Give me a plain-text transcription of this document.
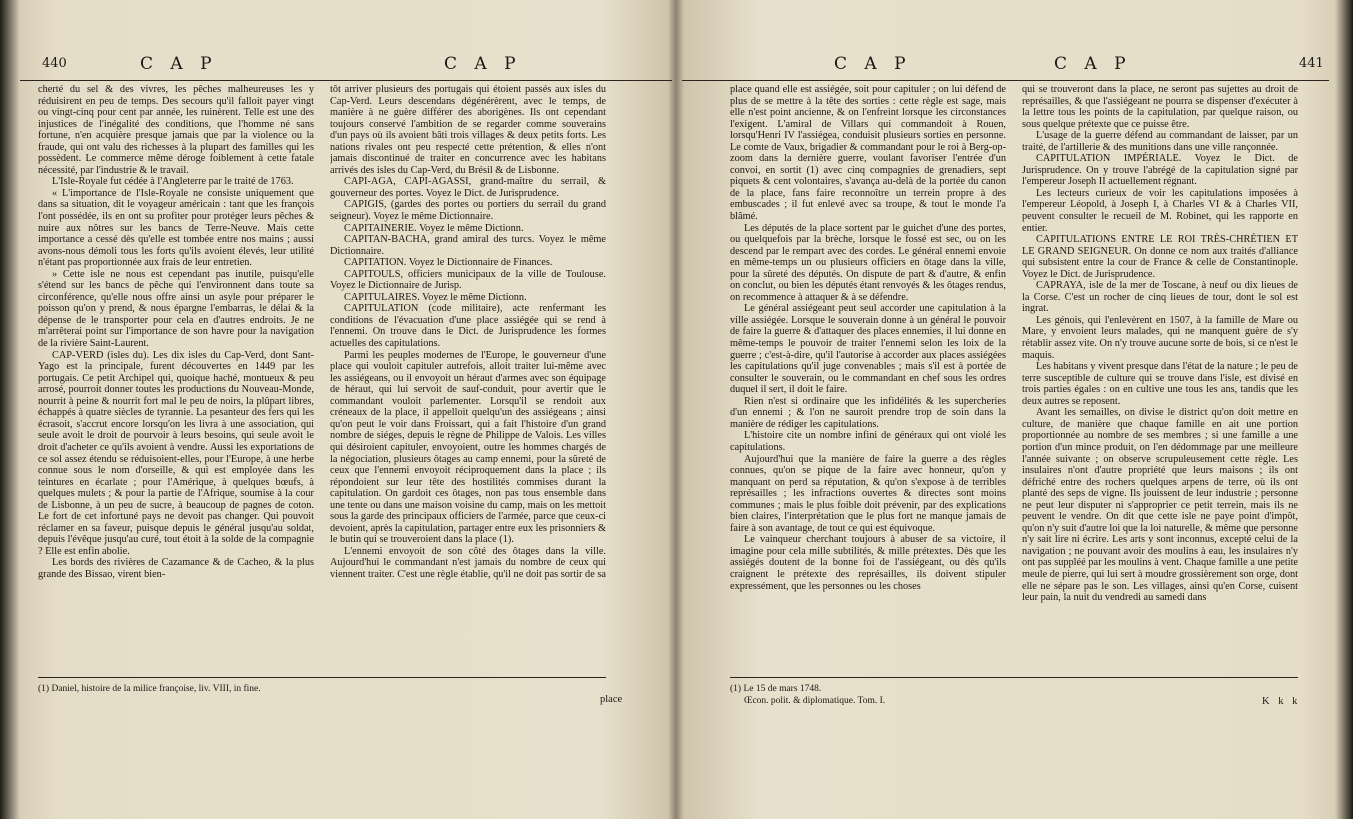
440	C A P	C A P

cherté du sel & des vivres, les pêches malheureuses les y réduisirent en peu de temps. Des secours qu'il falloit payer vingt ou vingt-cinq pour cent par année, les ruinèrent. Telle est une des injustices de l'inégalité des conditions, que l'homme né sans fortune, n'en acquière presque jamais que par la violence ou la fraude, qui ont valu des richesses à la plupart des familles qui les possèdent. Le commerce même déroge foiblement à cette fatale nécessité, par l'industrie & le travail.

L'Isle-Royale fut cédée à l'Angleterre par le traité de 1763.

« L'importance de l'Isle-Royale ne consiste uniquement que dans sa situation, dit le voyageur américain : tant que les françois l'ont possédée, ils en ont su profiter pour protéger leurs pêches & nuire aux nôtres sur les bancs de Terre-Neuve. Mais cette importance a cessé dès qu'elle est tombée entre nos mains ; aussi avons-nous démoli tous les forts qu'ils avoient élevés, leur utilité n'étant pas proportionnée aux frais de leur entretien.

» Cette isle ne nous est cependant pas inutile, puisqu'elle s'étend sur les bancs de pêche qui l'environnent dans toute sa circonférence, qu'elle nous offre ainsi un asyle pour préparer le poisson qu'on y prend, & nous épargne l'embarras, le délai & la dépense de le transporter pour cela en d'autres endroits. Je ne m'arrêterai point sur l'importance de son havre pour la navigation de la rivière Saint-Laurent.

CAP-VERD (isles du). Les dix isles du Cap-Verd, dont Sant-Yago est la principale, furent découvertes en 1449 par les portugais. Ce petit Archipel qui, quoique haché, montueux & peu arrosé, pourroit donner toutes les productions du Nouveau-Monde, nourrit à peine & nourrit fort mal le peu de noirs, la plûpart libres, échappés à quatre siècles de tyrannie. La pesanteur des fers qui les écrasoit, s'accrut encore lorsqu'on les livra à une association, qui seule avoit le droit de pourvoir à leurs besoins, qui seule avoit le droit d'acheter ce qu'ils avoient à vendre. Aussi les exportations de ce sol assez étendu se réduisoient-elles, pour l'Europe, à une herbe connue sous le nom d'orseille, & qui est employée dans les teintures en écarlate ; pour l'Amérique, à quelques bœufs, à quelques mulets ; & pour la partie de l'Afrique, soumise à la cour de Lisbonne, à un peu de sucre, à beaucoup de pagnes de coton. Le fort de cet infortuné pays ne devoit pas changer. Qui pouvoit réclamer en sa faveur, puisque depuis le général jusqu'au soldat, depuis l'évêque jusqu'au curé, tout étoit à la solde de la compagnie ? Elle est enfin abolie.

Les bords des rivières de Cazamance & de Cacheo, & la plus grande des Bissao, virent bien-

tôt arriver plusieurs des portugais qui étoient passés aux isles du Cap-Verd. Leurs descendans dégénérèrent, avec le temps, de manière à ne guère différer des aborigènes. Ils ont cependant toujours conservé l'ambition de se regarder comme souverains d'un pays où ils avoient bâti trois villages & deux petits forts. Les nations rivales ont peu respecté cette prétention, & elles n'ont jamais discontinué de traiter en concurrence avec les habitans arrivés des isles du Cap-Verd, du Brésil & de Lisbonne.

CAPI-AGA, CAPI-AGASSI, grand-maître du serrail, & gouverneur des portes. Voyez le Dict. de Jurisprudence.

CAPIGIS, (gardes des portes ou portiers du serrail du grand seigneur). Voyez le même Dictionnaire.

CAPITAINERIE. Voyez le même Dictionn.

CAPITAN-BACHA, grand amiral des turcs. Voyez le même Dictionnaire.

CAPITATION. Voyez le Dictionnaire de Finances.

CAPITOULS, officiers municipaux de la ville de Toulouse. Voyez le Dictionnaire de Jurisp.

CAPITULAIRES. Voyez le même Dictionn.

CAPITULATION (code militaire), acte renfermant les conditions de l'évacuation d'une place assiégée qui se rend à l'ennemi. On trouve dans le Dict. de Jurisprudence les formes actuelles des capitulations.

Parmi les peuples modernes de l'Europe, le gouverneur d'une place qui vouloit capituler autrefois, alloit traiter lui-même avec les assiégeans, ou il envoyoit un héraut d'armes avec son équipage de héraut, qui lui servoit de sauf-conduit, pour avertir que le commandant vouloit parlementer. Lorsqu'il se rendoit aux créneaux de la place, il appelloit quelqu'un des assiégeans ; ainsi qu'on peut le voir dans Froissart, qui a fait l'histoire d'un grand nombre de siéges, depuis le règne de Philippe de Valois. Les villes qui désiroient capituler, envoyoient, outre les hommes chargés de la négociation, plusieurs ôtages au camp ennemi, pour la sûreté de ceux que l'ennemi envoyoit réciproquement dans la place ; ils répondoient sur leur tête des hostilités commises durant la capitulation. On gardoit ces ôtages, non pas tous ensemble dans une tente ou dans une maison voisine du camp, mais on les mettoit sous la garde des principaux officiers de l'armée, parce que ceux-ci devoient, après la capitulation, partager entre eux les prisonniers & le butin qui se trouveroient dans la place (1).

L'ennemi envoyoit de son côté des ôtages dans la ville. Aujourd'hui le commandant n'est jamais du nombre de ceux qui viennent traiter. C'est une règle établie, qu'il ne doit pas sortir de sa

(1) Daniel, histoire de la milice françoise, liv. VIII, in fine.
place
C A P	C A P	441

place quand elle est assiégée, soit pour capituler ; on lui défend de plus de se mettre à la tête des sorties : cette règle est sage, mais elle n'est point ancienne, & on l'enfreint lorsque les circonstances l'exigent. L'amiral de Villars qui commandoit à Rouen, lorsqu'Henri IV l'assiégea, conduisit plusieurs sorties en personne. Le comte de Vaux, brigadier & commandant pour le roi à Berg-op-zoom dans la dernière guerre, voulant favoriser l'entrée d'un convoi, en sortit (1) avec cinq compagnies de grenadiers, sept piquets & cent volontaires, s'avança au-delà de la portée du canon de la place, fans faire reconnoître un terrein propre à des embuscades ; il fut enlevé avec sa troupe, & tout le monde l'a blâmé.

Les députés de la place sortent par le guichet d'une des portes, ou quelquefois par la brèche, lorsque le fossé est sec, ou on les descend par le rempart avec des cordes. Le général ennemi envoie en même-temps un ou plusieurs officiers en ôtage dans la ville, pour la sûreté des députés. On dispute de part & d'autre, & enfin on conclut, ou bien les députés étant renvoyés & les ôtages rendus, on recommence à attaquer & à se défendre.

Le général assiégeant peut seul accorder une capitulation à la ville assiégée. Lorsque le souverain donne à un général le pouvoir de faire la guerre & d'attaquer des places ennemies, il lui donne en même-temps le pouvoir de traiter l'ennemi selon les loix de la guerre ; c'est-à-dire, qu'il l'autorise à accorder aux places assiégées les capitulations qu'il juge convenables ; mais s'il est à portée de consulter le souverain, ou le commandant en chef sous les ordres duquel il sert, il doit le faire.

Rien n'est si ordinaire que les infidélités & les supercheries d'un ennemi ; & l'on ne sauroit prendre trop de soin dans la manière de rédiger les capitulations.

L'histoire cite un nombre infini de généraux qui ont violé les capitulations.

Aujourd'hui que la manière de faire la guerre a des règles connues, qu'on se pique de la faire avec honneur, qu'on y manquant on perd sa réputation, & qu'on s'expose à de terribles représailles ; les infractions ouvertes & directes sont moins communes ; mais le plus foible doit prévenir, par des explications bien claires, l'interprétation que le plus fort ne manque jamais de faire à son avantage, de tout ce qui est équivoque.

Le vainqueur cherchant toujours à abuser de sa victoire, il imagine pour cela mille subtilités, & mille prétextes. Dès que les assiégés doutent de la bonne foi de l'assiégeant, ou dès qu'ils craignent le prétexte des représailles, ils doivent stipuler expressément, que les personnes ou les choses

qui se trouveront dans la place, ne seront pas sujettes au droit de représailles, & que l'assiégeant ne pourra se dispenser d'exécuter à la lettre tous les points de la capitulation, par quelque raison, ou sous quelque prétexte que ce puisse être.

L'usage de la guerre défend au commandant de laisser, par un traité, de l'artillerie & des munitions dans une ville rançonnée.

CAPITULATION IMPÉRIALE. Voyez le Dict. de Jurisprudence. On y trouve l'abrégé de la capitulation signé par l'empereur Joseph II actuellement régnant.

Les lecteurs curieux de voir les capitulations imposées à l'empereur Léopold, à Joseph I, à Charles VI & à Charles VII, peuvent consulter le recueil de M. Robinet, qui les rapporte en entier.

CAPITULATIONS ENTRE LE ROI TRÈS-CHRÉTIEN ET LE GRAND SEIGNEUR. On donne ce nom aux traités d'alliance qui subsistent entre la cour de France & celle de Constantinople. Voyez le Dict. de Jurisprudence.

CAPRAYA, isle de la mer de Toscane, à neuf ou dix lieues de la Corse. C'est un rocher de cinq lieues de tour, dont le sol est ingrat.

Les génois, qui l'enlevèrent en 1507, à la famille de Mare ou Mare, y envoient leurs malades, qui ne manquent guère de s'y rétablir assez vite. On n'y trouve aucune sorte de bois, si ce n'est le maquis.

Les habitans y vivent presque dans l'état de la nature ; le peu de terre susceptible de culture qui se trouve dans l'isle, est divisé en trois parties égales : on en cultive une tous les ans, tandis que les deux autres se reposent.

Avant les semailles, on divise le district qu'on doit mettre en culture, de manière que chaque famille en ait une portion proportionnée au nombre de ses membres ; si une famille a une portion d'un mince produit, on l'en dédommage par une meilleure l'année suivante ; on observe scrupuleusement cette règle. Les insulaires n'ont d'autre propriété que leurs maisons ; ils ont défriché entre des rochers quelques arpens de terre, où ils ont planté des seps de vigne. Ils jouissent de leur industrie ; personne ne peut leur disputer ni s'approprier ce petit terrein, mais ils ne peuvent le vendre. On dit que cette isle ne paye point d'impôt, qu'on n'y suit d'autre loi que la loi naturelle, & même que personne n'y sait lire ni écrire. Les arts y sont inconnus, excepté celui de la navigation ; ne pouvant avoir des moulins à eau, les insulaires n'y ont pas suppléé par les moulins à vent. Chaque famille a une petite meule de pierre, qui lui sert à moudre grossièrement son orge, dont elle ne sépare pas le son. Les villages, ainsi qu'en Corse, cuisent leur pain, la nuit du vendredi au samedi dans

(1) Le 15 de mars 1748.
Œcon. polit. & diplomatique. Tom. I.	K k k
